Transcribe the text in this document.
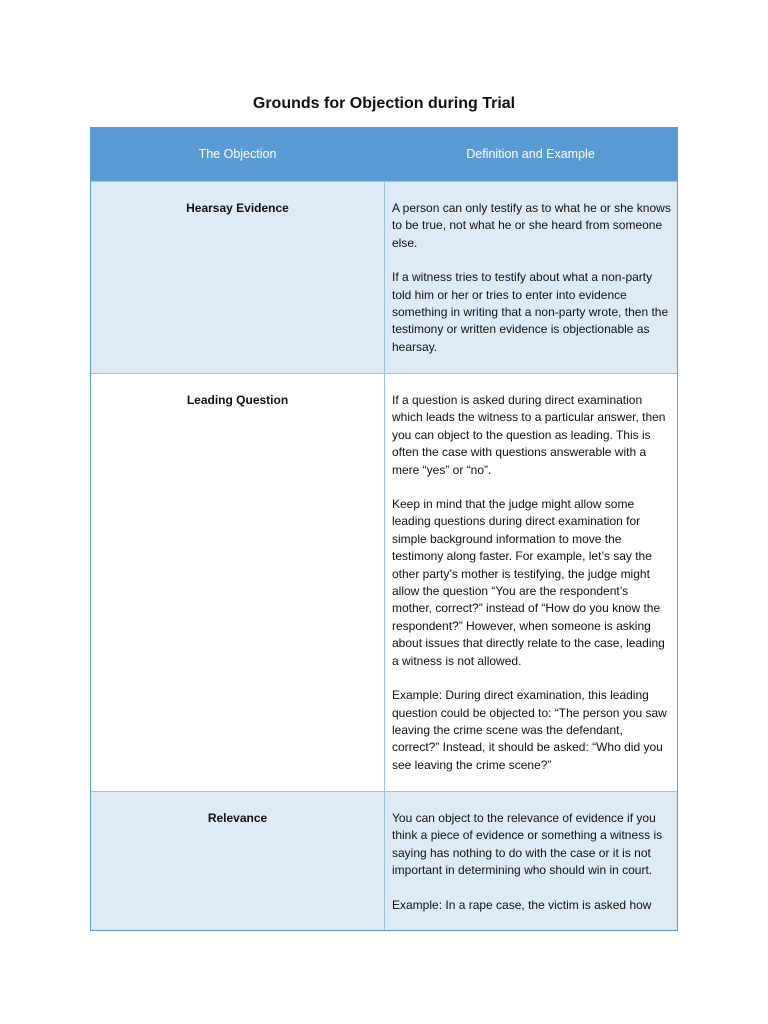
Grounds for Objection during Trial
The Objection	Definition and Example
Hearsay Evidence	A person can only testify as to what he or she knows to be true, not what he or she heard from someone else.

If a witness tries to testify about what a non-party told him or her or tries to enter into evidence something in writing that a non-party wrote, then the testimony or written evidence is objectionable as hearsay.

Leading Question	If a question is asked during direct examination which leads the witness to a particular answer, then you can object to the question as leading. This is often the case with questions answerable with a mere “yes” or “no”.

Keep in mind that the judge might allow some leading questions during direct examination for simple background information to move the testimony along faster. For example, let’s say the other party’s mother is testifying, the judge might allow the question “You are the respondent’s mother, correct?” instead of “How do you know the respondent?” However, when someone is asking about issues that directly relate to the case, leading a witness is not allowed.

Example: During direct examination, this leading question could be objected to: “The person you saw leaving the crime scene was the defendant, correct?” Instead, it should be asked: “Who did you see leaving the crime scene?”

Relevance	You can object to the relevance of evidence if you think a piece of evidence or something a witness is saying has nothing to do with the case or it is not important in determining who should win in court.

Example: In a rape case, the victim is asked how
